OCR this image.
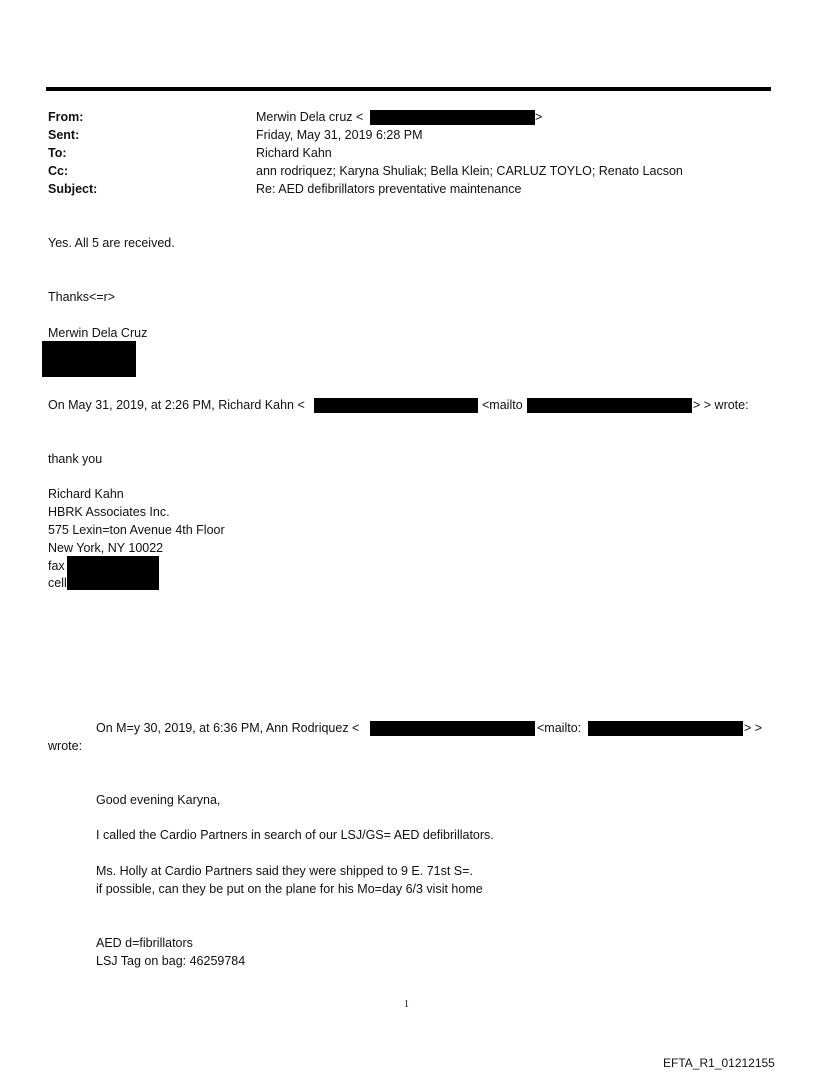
From:	Merwin Dela cruz <	>
Sent:	Friday, May 31, 2019 6:28 PM
To:	Richard Kahn
Cc:	ann rodriquez; Karyna Shuliak; Bella Klein; CARLUZ TOYLO; Renato Lacson
Subject:	Re: AED defibrillators preventative maintenance
Yes. All 5 are received.
Thanks<=r>
Merwin Dela Cruz
On May 31, 2019, at 2:26 PM, Richard Kahn <	<mailto	> > wrote:
thank you
Richard Kahn
HBRK Associates Inc.
575 Lexin=ton Avenue 4th Floor
New York, NY 10022
fax
cell
On M=y 30, 2019, at 6:36 PM, Ann Rodriquez <	<mailto:	> >
wrote:
Good evening Karyna,
I called the Cardio Partners in search of our LSJ/GS= AED defibrillators.
Ms. Holly at Cardio Partners said they were shipped to 9 E. 71st S=.
if possible, can they be put on the plane for his Mo=day 6/3 visit home
AED d=fibrillators
LSJ Tag on bag: 46259784
1
EFTA_R1_01212155
